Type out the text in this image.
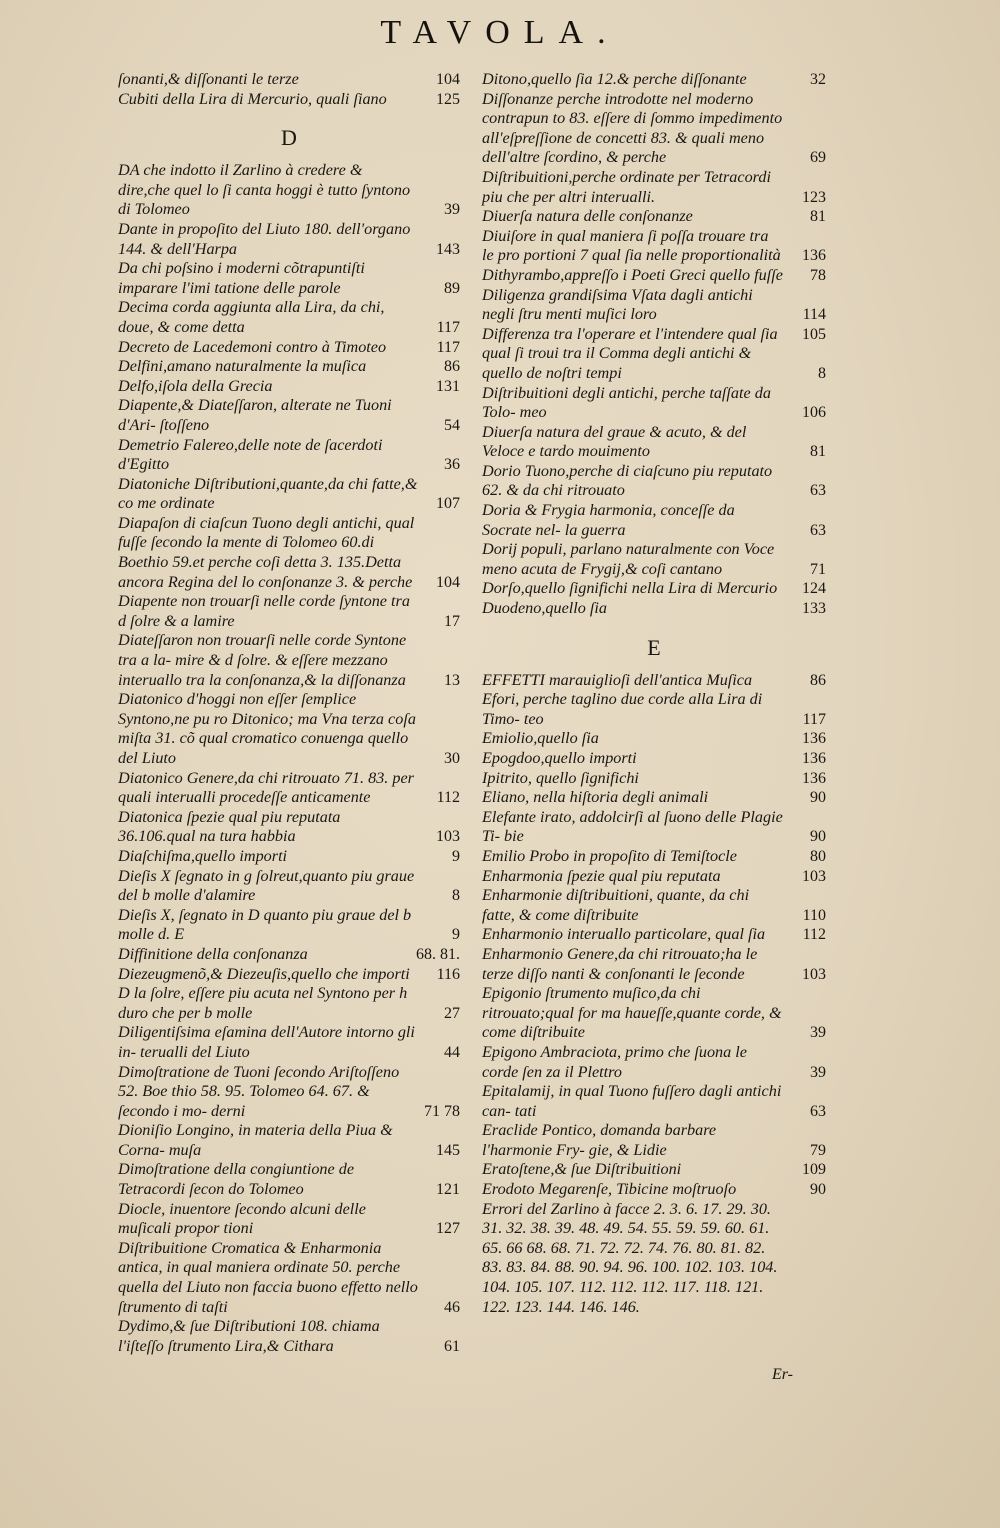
TAVOLA.
ſonanti,& diſſonanti le terze	104
Cubiti della Lira di Mercurio, quali ſiano	125
D
DA che indotto il Zarlino à credere & dire,che quel lo ſi canta hoggi è tutto ſyntono di Tolomeo	39
Dante in propoſito del Liuto 180. dell'organo 144. & dell'Harpa	143
Da chi poſsino i moderni cõtrapuntiſti imparare l'imi tatione delle parole	89
Decima corda aggiunta alla Lira, da chi, doue, & come detta	117
Decreto de Lacedemoni contro à Timoteo	117
Delfini,amano naturalmente la muſica	86
Delfo,iſola della Grecia	131
Diapente,& Diateſſaron, alterate ne Tuoni d'Ari- ſtoſſeno	54
Demetrio Falereo,delle note de ſacerdoti d'Egitto	36
Diatoniche Diſtributioni,quante,da chi fatte,& co me ordinate	107
Diapaſon di ciaſcun Tuono degli antichi, qual fuſſe ſecondo la mente di Tolomeo 60.di Boethio 59.et perche coſi detta 3. 135.Detta ancora Regina del lo conſonanze 3. & perche 104
Diapente non trouarſi nelle corde ſyntone tra d ſolre & a lamire	17
Diateſſaron non trouarſi nelle corde Syntone tra a la- mire & d ſolre. & eſſere mezzano interuallo tra la conſonanza,& la diſſonanza 13
Diatonico d'hoggi non eſſer ſemplice Syntono,ne pu ro Ditonico; ma Vna terza coſa miſta 31. cõ qual cromatico conuenga quello del Liuto	30
Diatonico Genere,da chi ritrouato 71. 83. per quali interualli procedeſſe anticamente	112
Diatonica ſpezie qual piu reputata 36.106.qual na tura habbia	103
Diaſchiſma,quello importi	9
Dieſis X ſegnato in g ſolreut,quanto piu graue del b molle d'alamire	8
Dieſis X, ſegnato in D quanto piu graue del b molle d. E	9
Diffinitione della conſonanza	68. 81.
Diezeugmenõ,& Diezeuſis,quello che importi 116
D la ſolre, eſſere piu acuta nel Syntono per h duro che per b molle	27
Diligentiſsima eſamina dell'Autore intorno gli in- terualli del Liuto	44
Dimoſtratione de Tuoni ſecondo Ariſtoſſeno 52. Boe thio 58. 95. Tolomeo 64. 67. & ſecondo i mo- derni	71 78
Dioniſio Longino, in materia della Piua & Corna- muſa	145
Dimoſtratione della congiuntione de Tetracordi ſecon do Tolomeo	121
Diocle, inuentore ſecondo alcuni delle muſicali propor tioni	127
Diſtribuitione Cromatica & Enharmonia antica, in qual maniera ordinate 50. perche quella del Liuto non faccia buono effetto nello ſtrumento di taſti	46
Dydimo,& ſue Diſtributioni 108. chiama l'iſteſſo ſtrumento Lira,& Cithara	61
Ditono,quello ſia 12.& perche diſſonante	32
Diſſonanze perche introdotte nel moderno contrapun to 83. eſſere di ſommo impedimento all'eſpreſſione de concetti 83. & quali meno dell'altre ſcordino, & perche	69
Diſtribuitioni,perche ordinate per Tetracordi piu che per altri interualli.	123
Diuerſa natura delle conſonanze	81
Diuiſore in qual maniera ſi poſſa trouare tra le pro portioni 7 qual ſia nelle proportionalità 136
Dithyrambo,appreſſo i Poeti Greci quello fuſſe 78
Diligenza grandiſsima Vſata dagli antichi negli ſtru menti muſici loro	114
Differenza tra l'operare et l'intendere qual ſia 105
qual ſi troui tra il Comma degli antichi & quello de noſtri tempi	8
Diſtribuitioni degli antichi, perche taſſate da Tolo- meo	106
Diuerſa natura del graue & acuto, & del Veloce e tardo mouimento	81
Dorio Tuono,perche di ciaſcuno piu reputato 62. & da chi ritrouato	63
Doria & Frygia harmonia, conceſſe da Socrate nel- la guerra	63
Dorij populi, parlano naturalmente con Voce meno acuta de Frygij,& coſi cantano	71
Dorſo,quello ſignifichi nella Lira di Mercurio 124
Duodeno,quello ſia	133
E
EFFETTI marauiglioſi dell'antica Muſica	86
Efori, perche taglino due corde alla Lira di Timo- teo	117
Emiolio,quello ſia	136
Epogdoo,quello importi	136
Ipitrito, quello ſignifichi	136
Eliano, nella hiſtoria degli animali	90
Elefante irato, addolcirſi al ſuono delle Plagie Ti- bie	90
Emilio Probo in propoſito di Temiſtocle	80
Enharmonia ſpezie qual piu reputata	103
Enharmonie diſtribuitioni, quante, da chi fatte, & come diſtribuite	110
Enharmonio interuallo particolare, qual ſia 112
Enharmonio Genere,da chi ritrouato;ha le terze diſſo nanti & conſonanti le ſeconde	103
Epigonio ſtrumento muſico,da chi ritrouato;qual for ma haueſſe,quante corde, & come diſtribuite	39
Epigono Ambraciota, primo che ſuona le corde ſen za il Plettro	39
Epitalamij, in qual Tuono fuſſero dagli antichi can- tati	63
Eraclide Pontico, domanda barbare l'harmonie Fry- gie, & Lidie	79
Eratoſtene,& ſue Diſtribuitioni	109
Erodoto Megarenſe, Tibicine moſtruoſo	90
Errori del Zarlino à facce 2. 3. 6. 17. 29. 30. 31. 32. 38. 39. 48. 49. 54. 55. 59. 59. 60. 61. 65. 66 68. 68. 71. 72. 72. 74. 76. 80. 81. 82. 83. 83. 84. 88. 90. 94. 96. 100. 102. 103. 104. 104. 105. 107. 112. 112. 112. 117. 118. 121. 122. 123. 144. 146. 146.
Er-
